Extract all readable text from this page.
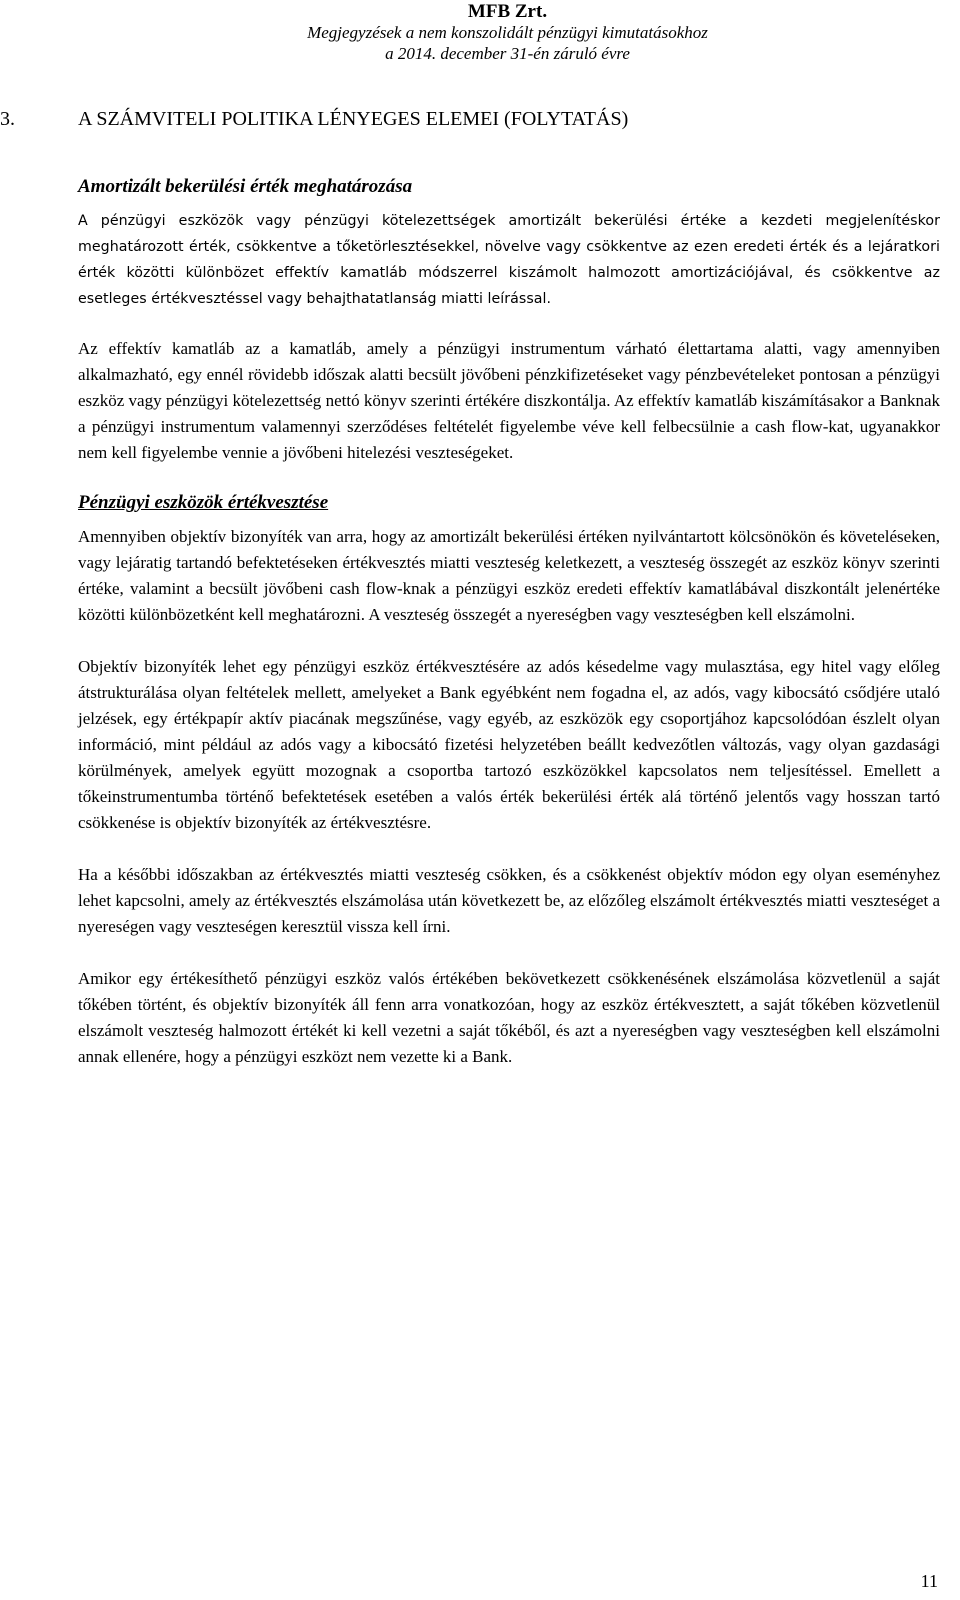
MFB Zrt.
Megjegyzések a nem konszolidált pénzügyi kimutatásokhoz
a 2014. december 31-én záruló évre
3.	A SZÁMVITELI POLITIKA LÉNYEGES ELEMEI (FOLYTATÁS)
Amortizált bekerülési érték meghatározása

A pénzügyi eszközök vagy pénzügyi kötelezettségek amortizált bekerülési értéke a kezdeti megjelenítéskor meghatározott érték, csökkentve a tőketörlesztésekkel, növelve vagy csökkentve az ezen eredeti érték és a lejáratkori érték közötti különbözet effektív kamatláb módszerrel kiszámolt halmozott amortizációjával, és csökkentve az esetleges értékvesztéssel vagy behajthatatlanság miatti leírással.

Az effektív kamatláb az a kamatláb, amely a pénzügyi instrumentum várható élettartama alatti, vagy amennyiben alkalmazható, egy ennél rövidebb időszak alatti becsült jövőbeni pénzkifizetéseket vagy pénzbevételeket pontosan a pénzügyi eszköz vagy pénzügyi kötelezettség nettó könyv szerinti értékére diszkontálja. Az effektív kamatláb kiszámításakor a Banknak a pénzügyi instrumentum valamennyi szerződéses feltételét figyelembe véve kell felbecsülnie a cash flow-kat, ugyanakkor nem kell figyelembe vennie a jövőbeni hitelezési veszteségeket.

Pénzügyi eszközök értékvesztése

Amennyiben objektív bizonyíték van arra, hogy az amortizált bekerülési értéken nyilvántartott kölcsönökön és követeléseken, vagy lejáratig tartandó befektetéseken értékvesztés miatti veszteség keletkezett, a veszteség összegét az eszköz könyv szerinti értéke, valamint a becsült jövőbeni cash flow-knak a pénzügyi eszköz eredeti effektív kamatlábával diszkontált jelenértéke közötti különbözetként kell meghatározni. A veszteség összegét a nyereségben vagy veszteségben kell elszámolni.

Objektív bizonyíték lehet egy pénzügyi eszköz értékvesztésére az adós késedelme vagy mulasztása, egy hitel vagy előleg átstrukturálása olyan feltételek mellett, amelyeket a Bank egyébként nem fogadna el, az adós, vagy kibocsátó csődjére utaló jelzések, egy értékpapír aktív piacának megszűnése, vagy egyéb, az eszközök egy csoportjához kapcsolódóan észlelt olyan információ, mint például az adós vagy a kibocsátó fizetési helyzetében beállt kedvezőtlen változás, vagy olyan gazdasági körülmények, amelyek együtt mozognak a csoportba tartozó eszközökkel kapcsolatos nem teljesítéssel. Emellett a tőkeinstrumentumba történő befektetések esetében a valós érték bekerülési érték alá történő jelentős vagy hosszan tartó csökkenése is objektív bizonyíték az értékvesztésre.

Ha a későbbi időszakban az értékvesztés miatti veszteség csökken, és a csökkenést objektív módon egy olyan eseményhez lehet kapcsolni, amely az értékvesztés elszámolása után következett be, az előzőleg elszámolt értékvesztés miatti veszteséget a nyereségen vagy veszteségen keresztül vissza kell írni.

Amikor egy értékesíthető pénzügyi eszköz valós értékében bekövetkezett csökkenésének elszámolása közvetlenül a saját tőkében történt, és objektív bizonyíték áll fenn arra vonatkozóan, hogy az eszköz értékvesztett, a saját tőkében közvetlenül elszámolt veszteség halmozott értékét ki kell vezetni a saját tőkéből, és azt a nyereségben vagy veszteségben kell elszámolni annak ellenére, hogy a pénzügyi eszközt nem vezette ki a Bank.

11
